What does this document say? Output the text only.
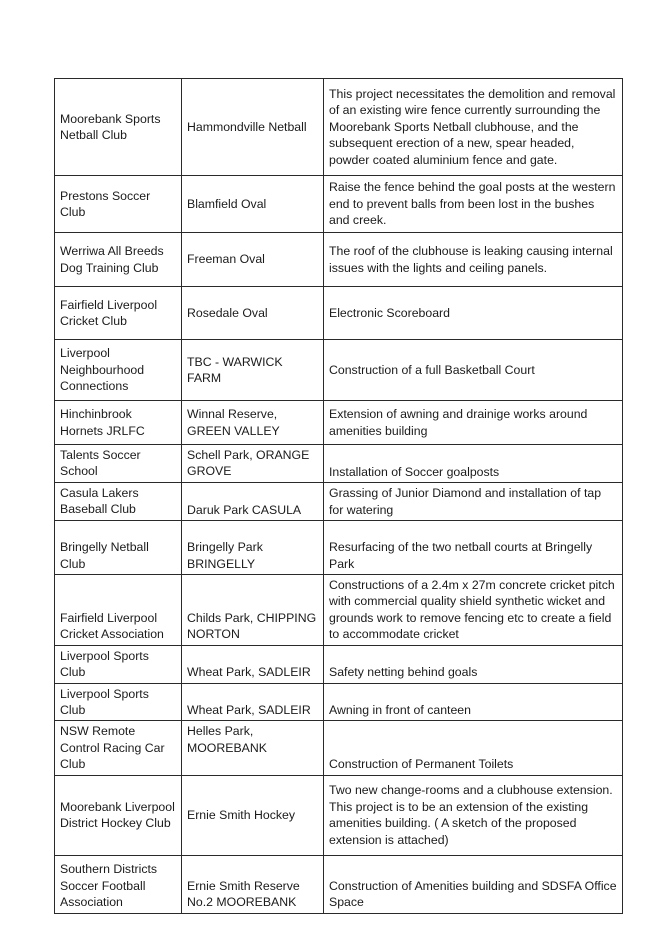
Moorebank Sports Netball Club	Hammondville Netball	This project necessitates the demolition and removal of an existing wire fence currently surrounding the Moorebank Sports Netball clubhouse, and the subsequent erection of a new, spear headed, powder coated aluminium fence and gate.
Prestons Soccer Club	Blamfield Oval	Raise the fence behind the goal posts at the western end to prevent balls from been lost in the bushes and creek.
Werriwa All Breeds Dog Training Club	Freeman Oval	The roof of the clubhouse is leaking causing internal issues with the lights and ceiling panels.
Fairfield Liverpool Cricket Club	Rosedale Oval	Electronic Scoreboard
Liverpool Neighbourhood Connections	TBC - WARWICK FARM	Construction of a full Basketball Court
Hinchinbrook Hornets JRLFC	Winnal Reserve, GREEN VALLEY	Extension of awning and drainige works around amenities building
Talents Soccer School	Schell Park, ORANGE GROVE	Installation of Soccer goalposts
Casula Lakers Baseball Club	Daruk Park CASULA	Grassing of Junior Diamond and installation of tap for watering
Bringelly Netball Club	Bringelly Park BRINGELLY	Resurfacing of the two netball courts at Bringelly Park
Fairfield Liverpool Cricket Association	Childs Park, CHIPPING NORTON	Constructions of a 2.4m x 27m concrete cricket pitch with commercial quality shield synthetic wicket and grounds work to remove fencing etc to create a field to accommodate cricket
Liverpool Sports Club	Wheat Park, SADLEIR	Safety netting behind goals
Liverpool Sports Club	Wheat Park, SADLEIR	Awning in front of canteen
NSW Remote Control Racing Car Club	Helles Park, MOOREBANK	Construction of Permanent Toilets
Moorebank Liverpool District Hockey Club	Ernie Smith Hockey	Two new change-rooms and a clubhouse extension. This project is to be an extension of the existing amenities building. ( A sketch of the proposed extension is attached)
Southern Districts Soccer Football Association	Ernie Smith Reserve No.2 MOOREBANK	Construction of Amenities building and SDSFA Office Space
